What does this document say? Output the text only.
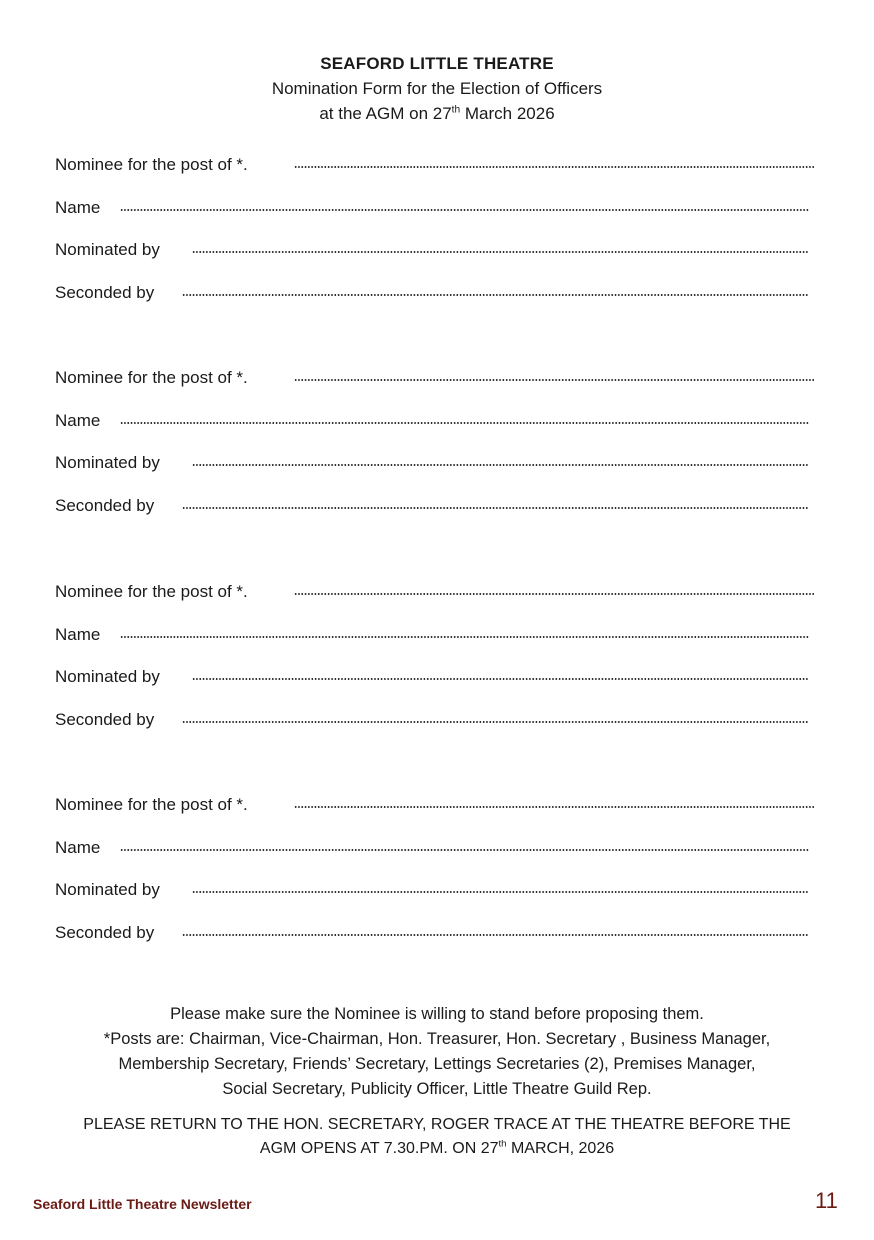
SEAFORD LITTLE THEATRE
Nomination Form for the Election of Officers
at the AGM on 27th March 2026
Nominee for the post of *.
Name
Nominated by
Seconded by
Nominee for the post of *.
Name
Nominated by
Seconded by
Nominee for the post of *.
Name
Nominated by
Seconded by
Nominee for the post of *.
Name
Nominated by
Seconded by
Please make sure the Nominee is willing to stand before proposing them.
*Posts are: Chairman, Vice-Chairman, Hon. Treasurer, Hon. Secretary , Business Manager,
Membership Secretary, Friends’ Secretary, Lettings Secretaries (2), Premises Manager,
Social Secretary, Publicity Officer, Little Theatre Guild Rep.
PLEASE RETURN TO THE HON. SECRETARY, ROGER TRACE AT THE THEATRE BEFORE THE
AGM OPENS AT 7.30.PM. ON 27th MARCH, 2026
Seaford Little Theatre Newsletter	11
